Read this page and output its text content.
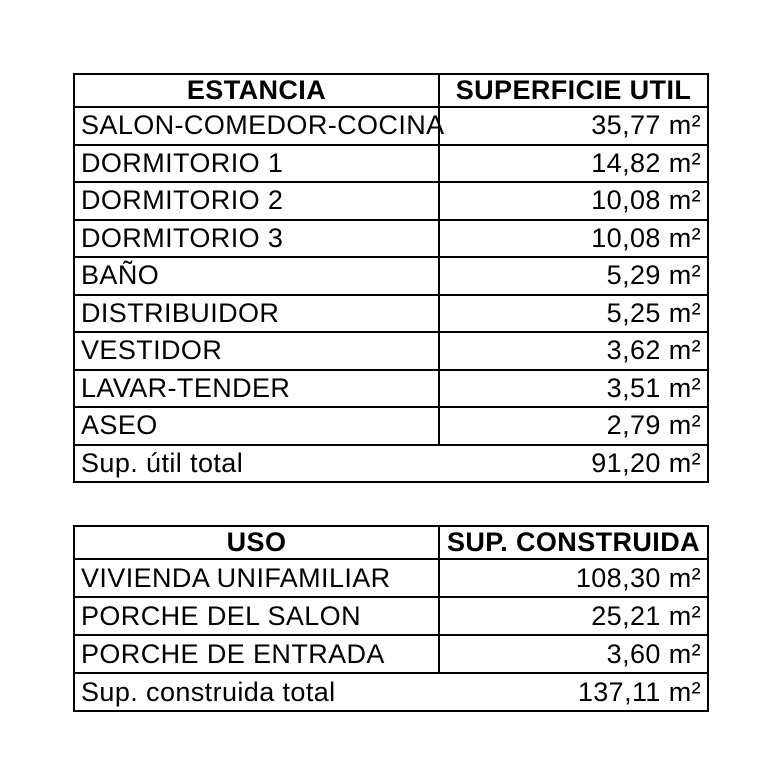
ESTANCIA	SUPERFICIE UTIL
SALON-COMEDOR-COCINA	35,77 m²
DORMITORIO 1	14,82 m²
DORMITORIO 2	10,08 m²
DORMITORIO 3	10,08 m²
BAÑO	5,29 m²
DISTRIBUIDOR	5,25 m²
VESTIDOR	3,62 m²
LAVAR-TENDER	3,51 m²
ASEO	2,79 m²

Sup. útil total 91,20 m²	
USO	SUP. CONSTRUIDA
VIVIENDA UNIFAMILIAR	108,30 m²
PORCHE DEL SALON	25,21 m²
PORCHE DE ENTRADA	3,60 m²

Sup. construida total 137,11 m²	
